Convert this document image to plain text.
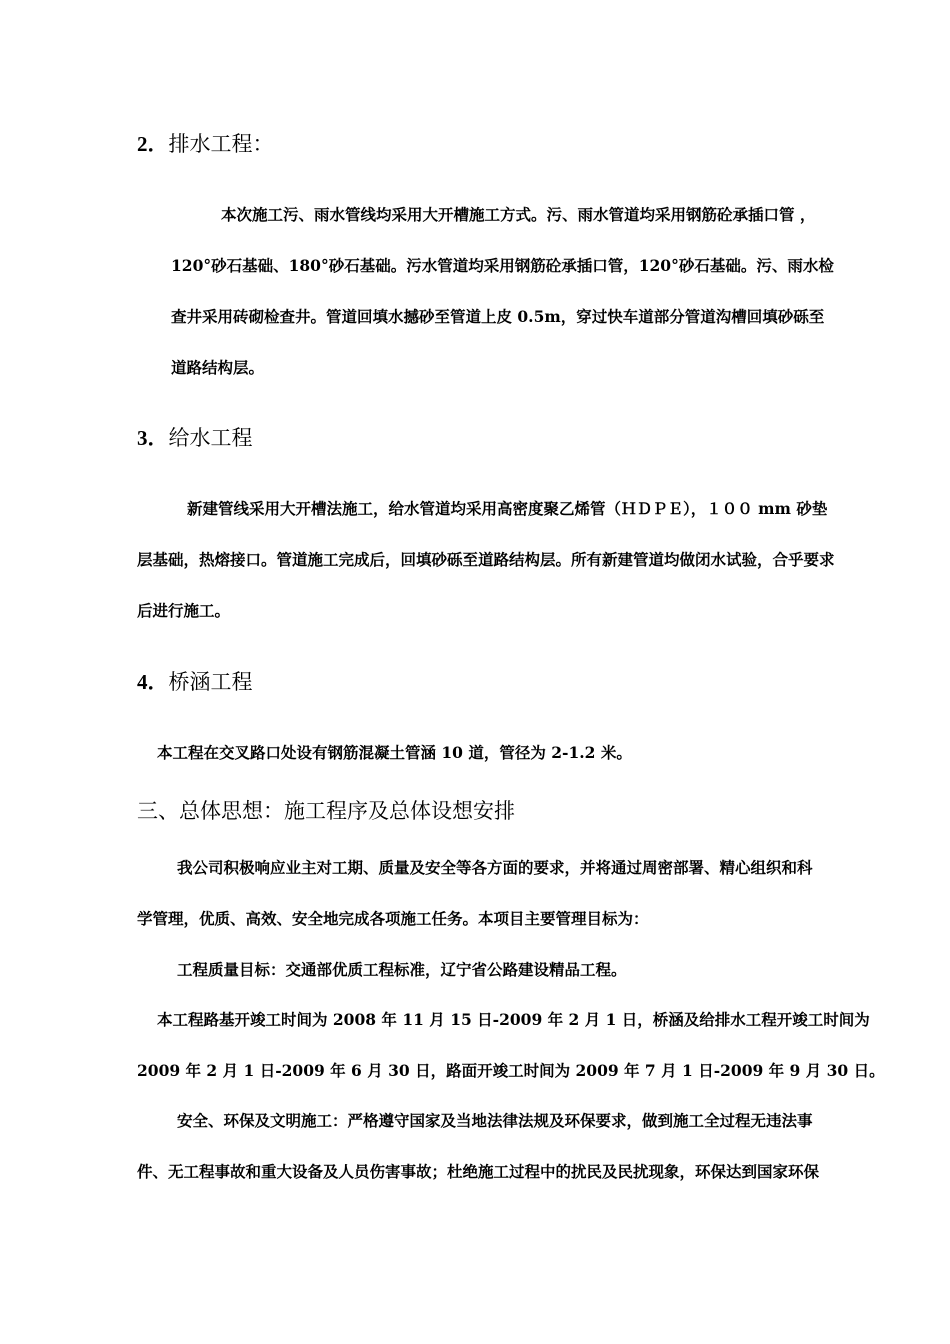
2．排水工程：
本次施工污、雨水管线均采用大开槽施工方式。污、雨水管道均采用钢筋砼承插口管 ，
120°砂石基础、180°砂石基础。污水管道均采用钢筋砼承插口管，120°砂石基础。污、雨水检
查井采用砖砌检查井。管道回填水撼砂至管道上皮 0.5m，穿过快车道部分管道沟槽回填砂砾至
道路结构层。
3．给水工程
新建管线采用大开槽法施工，给水管道均采用高密度聚乙烯管（ＨＤＰＥ），１００ mm 砂垫
层基础，热熔接口。管道施工完成后，回填砂砾至道路结构层。所有新建管道均做闭水试验，合乎要求
后进行施工。
4．桥涵工程
本工程在交叉路口处设有钢筋混凝土管涵 10 道，管径为 2-1.2 米。
三、总体思想：施工程序及总体设想安排
我公司积极响应业主对工期、质量及安全等各方面的要求，并将通过周密部署、精心组织和科
学管理，优质、高效、安全地完成各项施工任务。本项目主要管理目标为：
工程质量目标：交通部优质工程标准，辽宁省公路建设精品工程。
本工程路基开竣工时间为 2008 年 11 月 15 日-2009 年 2 月 1 日，桥涵及给排水工程开竣工时间为
2009 年 2 月 1 日-2009 年 6 月 30 日，路面开竣工时间为 2009 年 7 月 1 日-2009 年 9 月 30 日。
安全、环保及文明施工：严格遵守国家及当地法律法规及环保要求，做到施工全过程无违法事
件、无工程事故和重大设备及人员伤害事故；杜绝施工过程中的扰民及民扰现象，环保达到国家环保
